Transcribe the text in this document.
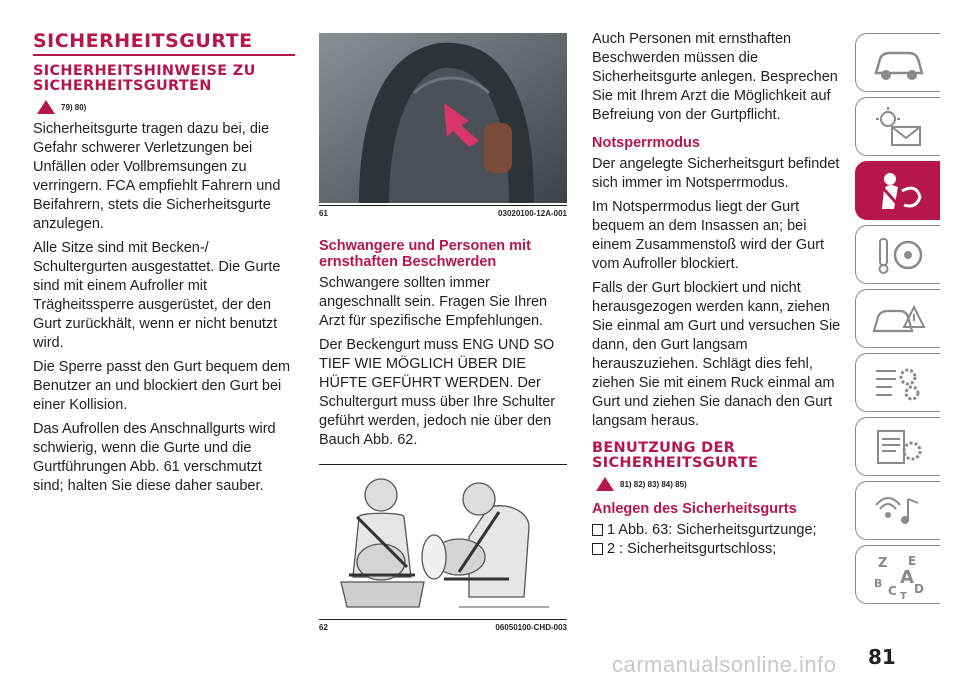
SICHERHEITSGURTE
SICHERHEITSHINWEISE ZU SICHERHEITSGURTEN
79) 80)

Sicherheitsgurte tragen dazu bei, die Gefahr schwerer Verletzungen bei Unfällen oder Vollbremsungen zu verringern. FCA empfiehlt Fahrern und Beifahrern, stets die Sicherheitsgurte anzulegen.

Alle Sitze sind mit Becken-/ Schultergurten ausgestattet. Die Gurte sind mit einem Aufroller mit Trägheitssperre ausgerüstet, der den Gurt zurückhält, wenn er nicht benutzt wird.

Die Sperre passt den Gurt bequem dem Benutzer an und blockiert den Gurt bei einer Kollision.

Das Aufrollen des Anschnallgurts wird schwierig, wenn die Gurte und die Gurtführungen Abb. 61 verschmutzt sind; halten Sie diese daher sauber.

61	03020100-12A-001
Schwangere und Personen mit ernsthaften Beschwerden

Schwangere sollten immer angeschnallt sein. Fragen Sie Ihren Arzt für spezifische Empfehlungen.

Der Beckengurt muss ENG UND SO TIEF WIE MÖGLICH ÜBER DIE HÜFTE GEFÜHRT WERDEN. Der Schultergurt muss über Ihre Schulter geführt werden, jedoch nie über den Bauch Abb. 62.

62	06050100-CHD-003

Auch Personen mit ernsthaften Beschwerden müssen die Sicherheitsgurte anlegen. Besprechen Sie mit Ihrem Arzt die Möglichkeit auf Befreiung von der Gurtpflicht.

Notsperrmodus

Der angelegte Sicherheitsgurt befindet sich immer im Notsperrmodus.

Im Notsperrmodus liegt der Gurt bequem an dem Insassen an; bei einem Zusammenstoß wird der Gurt vom Aufroller blockiert.

Falls der Gurt blockiert und nicht herausgezogen werden kann, ziehen Sie einmal am Gurt und versuchen Sie dann, den Gurt langsam herauszuziehen. Schlägt dies fehl, ziehen Sie mit einem Ruck einmal am Gurt und ziehen Sie danach den Gurt langsam heraus.

BENUTZUNG DER SICHERHEITSGURTE
81) 82) 83) 84) 85)
Anlegen des Sicherheitsgurts
1 Abb. 63: Sicherheitsgurtzunge;
2 : Sicherheitsgurtschloss;
Z E
B A
C D
T
carmanualsonline.info 81
